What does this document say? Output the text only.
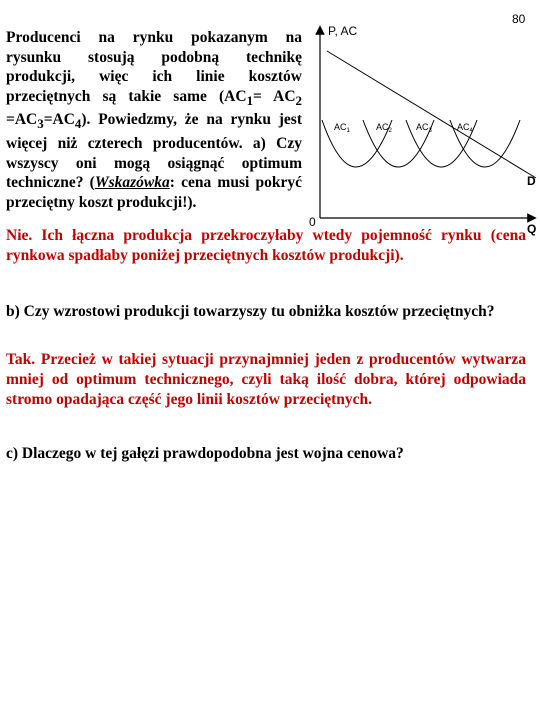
80

Producenci na rynku pokazanym na rysunku stosują podobną technikę produkcji, więc ich linie kosztów przeciętnych są takie same $(AC_1= AC_2 =AC_3=AC_4)$. Powiedzmy, że na rynku jest więcej niż czterech producentów. a) Czy wszyscy oni mogą osiągnąć optimum techniczne? (Wskazówka: cena musi pokryć przeciętny koszt produkcji!).

P, AC
Q
0
D
$AC_1$	$AC_2$	$AC_3$	$AC_4$

Nie. Ich łączna produkcja przekroczyłaby wtedy pojemność rynku (cena rynkowa spadłaby poniżej przeciętnych kosztów produkcji).

b) Czy wzrostowi produkcji towarzyszy tu obniżka kosztów przeciętnych?

Tak. Przecież w takiej sytuacji przynajmniej jeden z producentów wytwarza mniej od optimum technicznego, czyli taką ilość dobra, której odpowiada stromo opadająca część jego linii kosztów przeciętnych.

c) Dlaczego w tej gałęzi prawdopodobna jest wojna cenowa?
